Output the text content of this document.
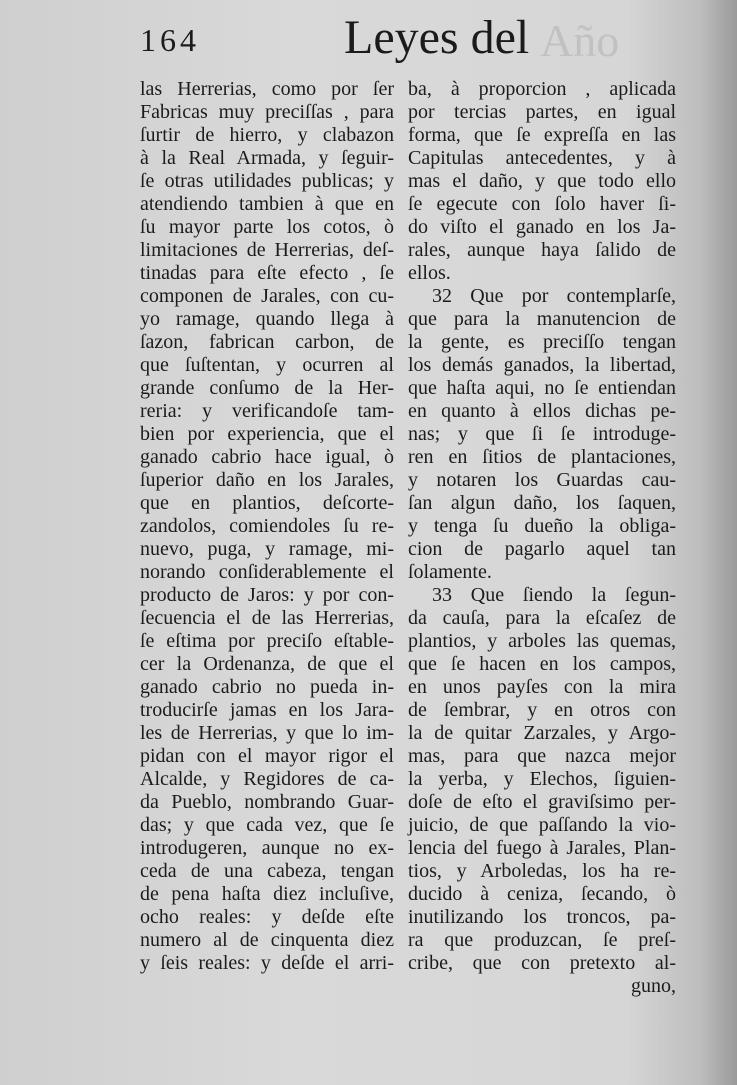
Año
164	Leyes del
las Herrerias, como por ſer
Fabricas muy preciſſas , para
ſurtir de hierro, y clabazon
à la Real Armada, y ſeguir-
ſe otras utilidades publicas; y
atendiendo tambien à que en
ſu mayor parte los cotos, ò
limitaciones de Herrerias, deſ-
tinadas para eſte efecto , ſe
componen de Jarales, con cu-
yo ramage, quando llega à
ſazon, fabrican carbon, de
que ſuſtentan, y ocurren al
grande conſumo de la Her-
reria: y verificandoſe tam-
bien por experiencia, que el
ganado cabrio hace igual, ò
ſuperior daño en los Jarales,
que en plantios, deſcorte-
zandolos, comiendoles ſu re-
nuevo, puga, y ramage, mi-
norando conſiderablemente el
producto de Jaros: y por con-
ſecuencia el de las Herrerias,
ſe eſtima por preciſo eſtable-
cer la Ordenanza, de que el
ganado cabrio no pueda in-
troducirſe jamas en los Jara-
les de Herrerias, y que lo im-
pidan con el mayor rigor el
Alcalde, y Regidores de ca-
da Pueblo, nombrando Guar-
das; y que cada vez, que ſe
introdugeren, aunque no ex-
ceda de una cabeza, tengan
de pena haſta diez incluſive,
ocho reales: y deſde eſte
numero al de cinquenta diez
y ſeis reales: y deſde el arri-
ba, à proporcion , aplicada
por tercias partes, en igual
forma, que ſe expreſſa en las
Capitulas antecedentes, y à
mas el daño, y que todo ello
ſe egecute con ſolo haver ſi-
do viſto el ganado en los Ja-
rales, aunque haya ſalido de
ellos.
32 Que por contemplarſe,
que para la manutencion de
la gente, es preciſſo tengan
los demás ganados, la libertad,
que haſta aqui, no ſe entiendan
en quanto à ellos dichas pe-
nas; y que ſi ſe introduge-
ren en ſitios de plantaciones,
y notaren los Guardas cau-
ſan algun daño, los ſaquen,
y tenga ſu dueño la obliga-
cion de pagarlo aquel tan
ſolamente.
33 Que ſiendo la ſegun-
da cauſa, para la eſcaſez de
plantios, y arboles las quemas,
que ſe hacen en los campos,
en unos payſes con la mira
de ſembrar, y en otros con
la de quitar Zarzales, y Argo-
mas, para que nazca mejor
la yerba, y Elechos, ſiguien-
doſe de eſto el graviſsimo per-
juicio, de que paſſando la vio-
lencia del fuego à Jarales, Plan-
tios, y Arboledas, los ha re-
ducido à ceniza, ſecando, ò
inutilizando los troncos, pa-
ra que produzcan, ſe preſ-
cribe, que con pretexto al-
guno,
